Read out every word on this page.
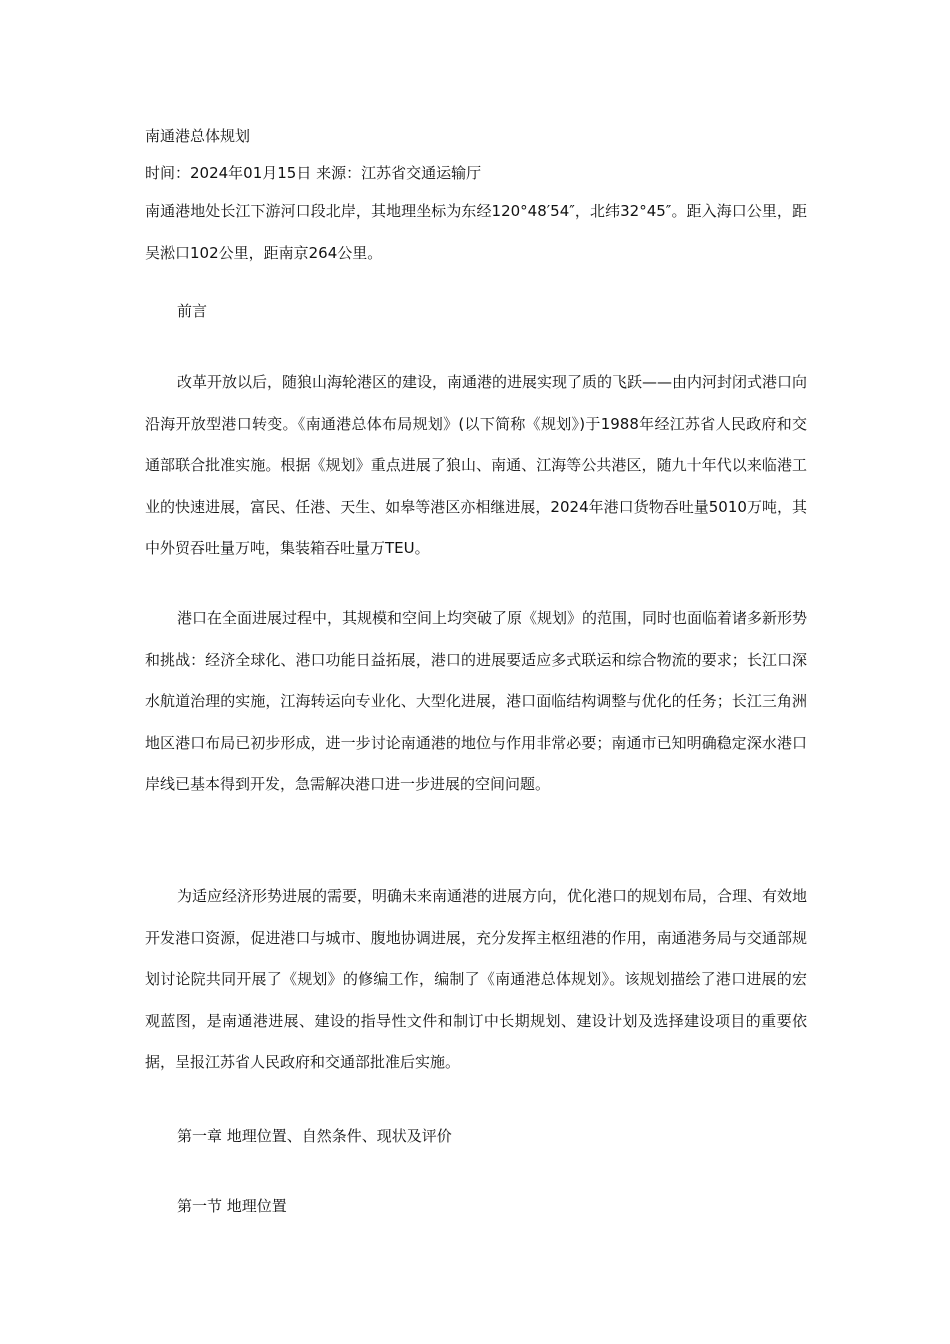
南通港总体规划

时间：2024年01月15日 来源：江苏省交通运输厅

南通港地处长江下游河口段北岸，其地理坐标为东经120°48′54″，北纬32°45″。距入海口公里，距吴淞口102公里，距南京264公里。

前言

改革开放以后，随狼山海轮港区的建设，南通港的进展实现了质的飞跃——由内河封闭式港口向沿海开放型港口转变。《南通港总体布局规划》(以下简称《规划》)于1988年经江苏省人民政府和交通部联合批准实施。根据《规划》重点进展了狼山、南通、江海等公共港区，随九十年代以来临港工业的快速进展，富民、任港、天生、如皋等港区亦相继进展，2024年港口货物吞吐量5010万吨，其中外贸吞吐量万吨，集装箱吞吐量万TEU。

港口在全面进展过程中，其规模和空间上均突破了原《规划》的范围，同时也面临着诸多新形势和挑战：经济全球化、港口功能日益拓展，港口的进展要适应多式联运和综合物流的要求；长江口深水航道治理的实施，江海转运向专业化、大型化进展，港口面临结构调整与优化的任务；长江三角洲地区港口布局已初步形成，进一步讨论南通港的地位与作用非常必要；南通市已知明确稳定深水港口岸线已基本得到开发，急需解决港口进一步进展的空间问题。

为适应经济形势进展的需要，明确未来南通港的进展方向，优化港口的规划布局，合理、有效地开发港口资源，促进港口与城市、腹地协调进展，充分发挥主枢纽港的作用，南通港务局与交通部规划讨论院共同开展了《规划》的修编工作，编制了《南通港总体规划》。该规划描绘了港口进展的宏观蓝图，是南通港进展、建设的指导性文件和制订中长期规划、建设计划及选择建设项目的重要依据，呈报江苏省人民政府和交通部批准后实施。

第一章 地理位置、自然条件、现状及评价

第一节 地理位置
